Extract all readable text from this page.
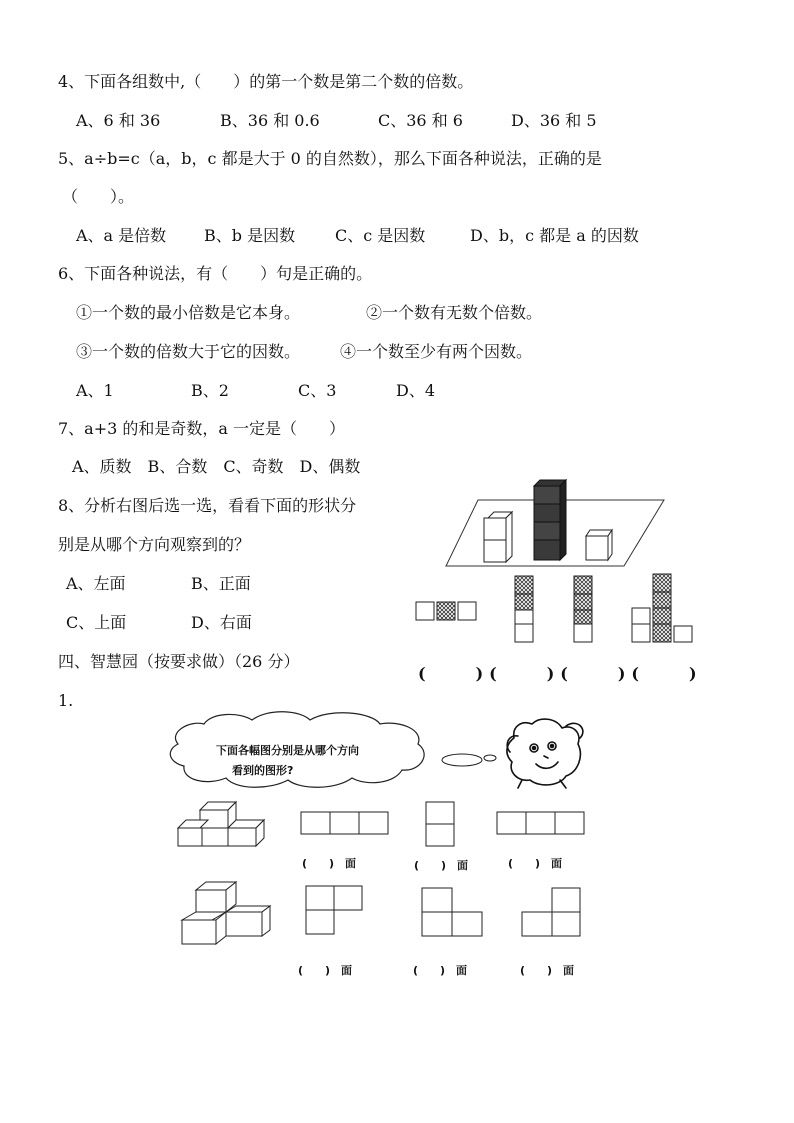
4、下面各组数中,（　　）的第一个数是第二个数的倍数。
A、6 和 36	B、36 和 0.6	C、36 和 6	D、36 和 5
5、a÷b=c（a，b，c 都是大于 0 的自然数），那么下面各种说法，正确的是
（　　）。
A、a 是倍数 B、b 是因数 C、c 是因数	D、b，c 都是 a 的因数
6、下面各种说法，有（　　）句是正确的。
①一个数的最小倍数是它本身。	②一个数有无数个倍数。
③一个数的倍数大于它的因数。 ④一个数至少有两个因数。
A、1	B、2	C、3	D、4
7、a+3 的和是奇数，a 一定是（　　）
A、质数　B、合数　C、奇数　D、偶数
8、分析右图后选一选，看看下面的形状分
别是从哪个方向观察到的？
A、左面	B、正面
C、上面	D、右面
(　　)(　　)(　　)(　　)
四、智慧园（按要求做）（26 分）
1.
下面各幅图分别是从哪个方向
看到的图形?
(　　)　面	(　　)　面	(　　)　面
(　　)　面	(　　)　面	(　　)　面
